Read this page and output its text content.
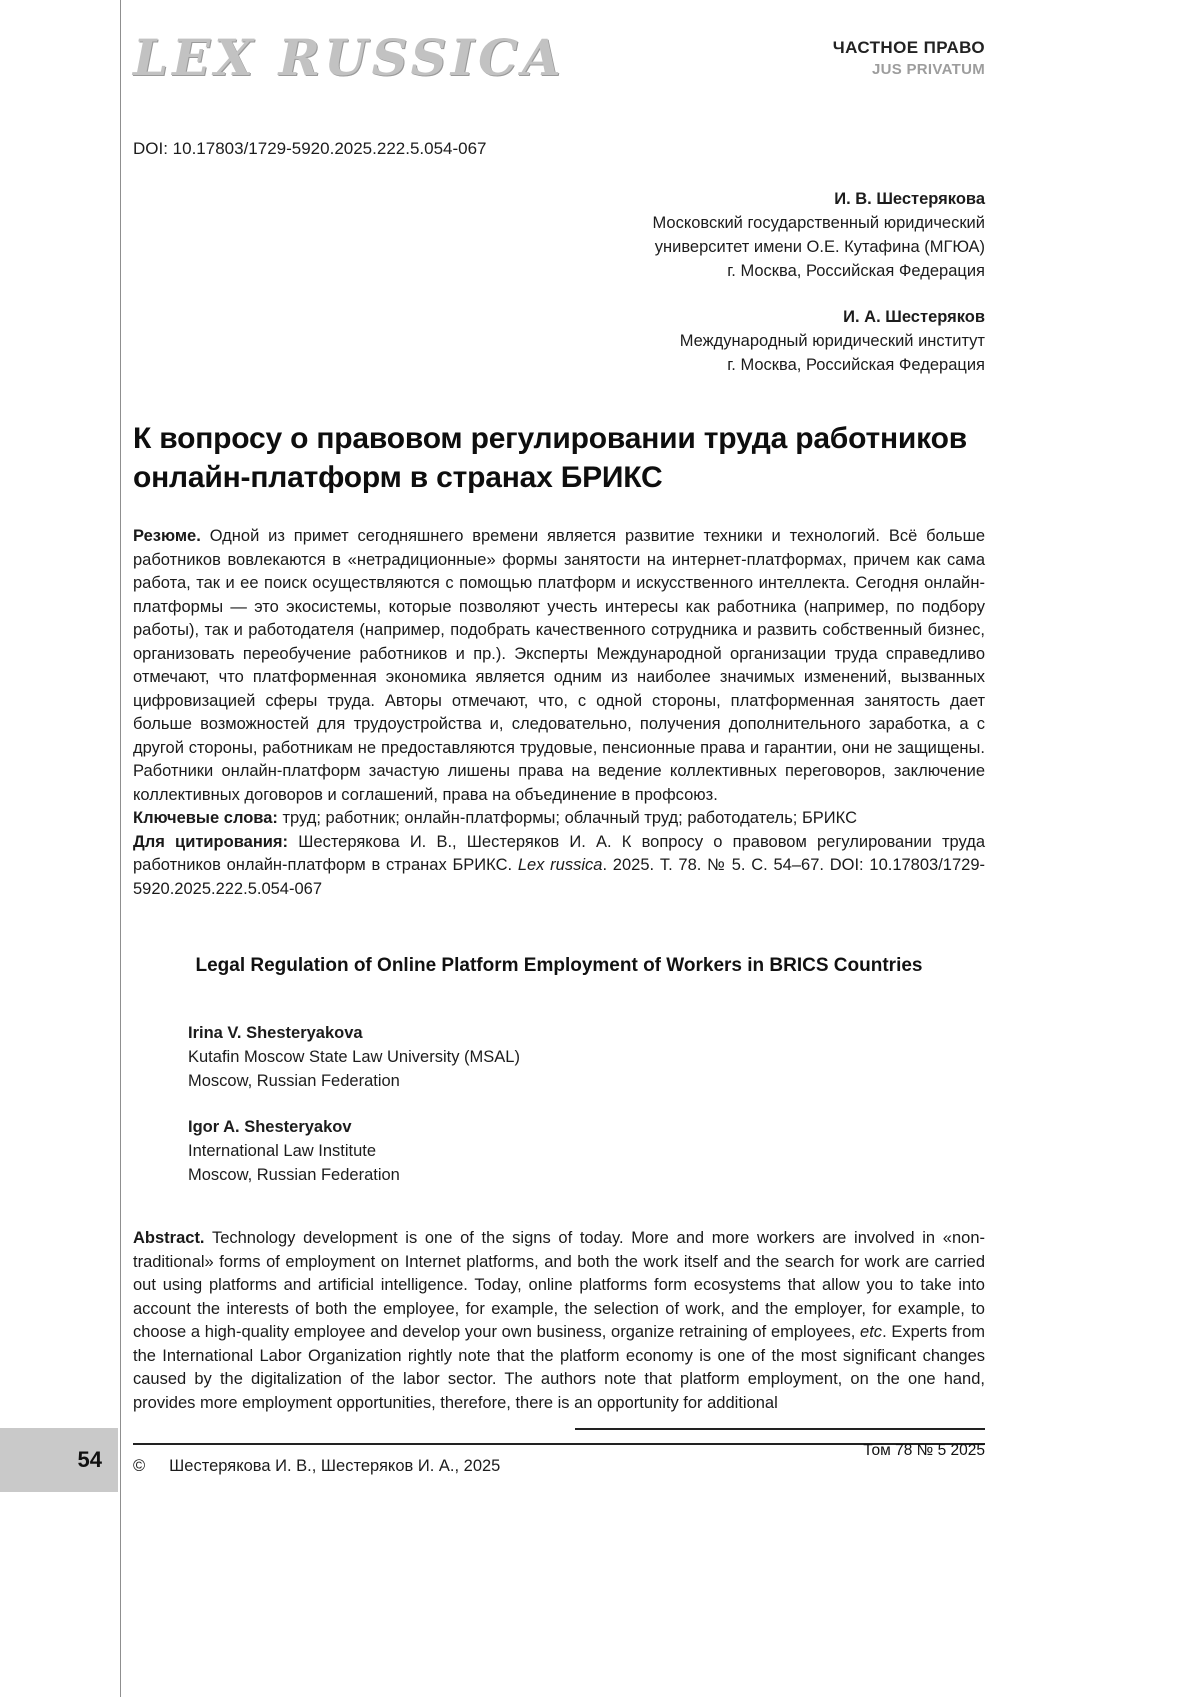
LEX RUSSICA	ЧАСТНОЕ ПРАВО
JUS PRIVATUM
DOI: 10.17803/1729-5920.2025.222.5.054-067
И. В. Шестерякова
Московский государственный юридический
университет имени О.Е. Кутафина (МГЮА)
г. Москва, Российская Федерация
И. А. Шестеряков
Международный юридический институт
г. Москва, Российская Федерация
К вопросу о правовом регулировании труда работников онлайн-платформ в странах БРИКС

Резюме. Одной из примет сегодняшнего времени является развитие техники и технологий. Всё больше работников вовлекаются в «нетрадиционные» формы занятости на интернет-платформах, причем как сама работа, так и ее поиск осуществляются с помощью платформ и искусственного интеллекта. Сегодня онлайн-платформы — это экосистемы, которые позволяют учесть интересы как работника (например, по подбору работы), так и работодателя (например, подобрать качественного сотрудника и развить собственный бизнес, организовать переобучение работников и пр.). Эксперты Международной организации труда справедливо отмечают, что платформенная экономика является одним из наиболее значимых изменений, вызванных цифровизацией сферы труда. Авторы отмечают, что, с одной стороны, платформенная занятость дает больше возможностей для трудоустройства и, следовательно, получения дополнительного заработка, а с другой стороны, работникам не предоставляются трудовые, пенсионные права и гарантии, они не защищены. Работники онлайн-платформ зачастую лишены права на ведение коллективных переговоров, заключение коллективных договоров и соглашений, права на объединение в профсоюз.

Ключевые слова: труд; работник; онлайн-платформы; облачный труд; работодатель; БРИКС

Для цитирования: Шестерякова И. В., Шестеряков И. А. К вопросу о правовом регулировании труда работников онлайн-платформ в странах БРИКС. Lex russica. 2025. Т. 78. № 5. С. 54–67. DOI: 10.17803/1729-5920.2025.222.5.054-067

Legal Regulation of Online Platform Employment of Workers in BRICS Countries
Irina V. Shesteryakova
Kutafin Moscow State Law University (MSAL)
Moscow, Russian Federation
Igor A. Shesteryakov
International Law Institute
Moscow, Russian Federation

Abstract. Technology development is one of the signs of today. More and more workers are involved in «non-traditional» forms of employment on Internet platforms, and both the work itself and the search for work are carried out using platforms and artificial intelligence. Today, online platforms form ecosystems that allow you to take into account the interests of both the employee, for example, the selection of work, and the employer, for example, to choose a high-quality employee and develop your own business, organize retraining of employees, etc. Experts from the International Labor Organization rightly note that the platform economy is one of the most significant changes caused by the digitalization of the labor sector. The authors note that platform employment, on the one hand, provides more employment opportunities, therefore, there is an opportunity for additional

© Шестерякова И. В., Шестеряков И. А., 2025
54	Том 78 № 5 2025
